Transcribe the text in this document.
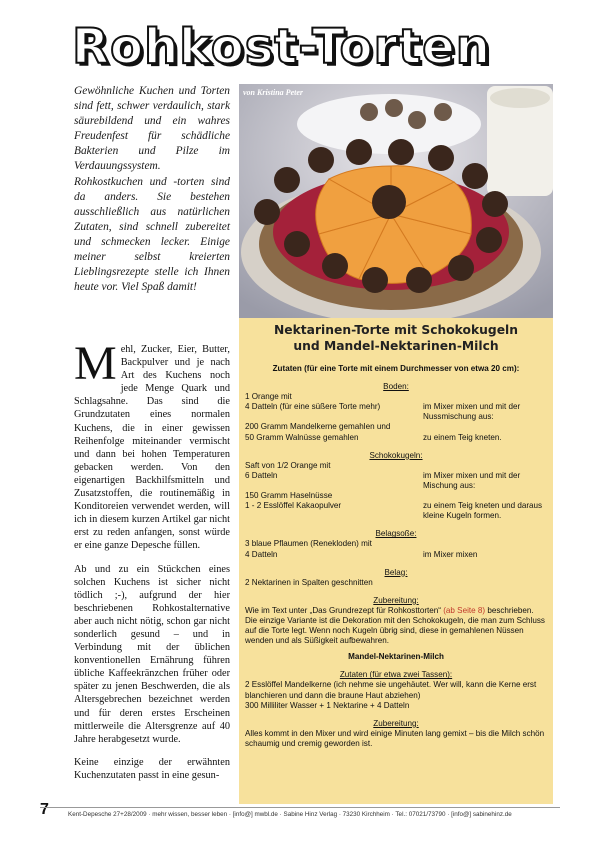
Rohkost-Torten
Gewöhnliche Kuchen und Torten sind fett, schwer verdaulich, stark säurebildend und ein wahres Freudenfest für schädliche Bakterien und Pilze im Verdauungssystem. Rohkostkuchen und -torten sind da anders. Sie bestehen ausschließlich aus natürlichen Zutaten, sind schnell zubereitet und schmecken lecker. Einige meiner selbst kreierten Lieblingsrezepte stelle ich Ihnen heute vor. Viel Spaß damit!

Mehl, Zucker, Eier, Butter, Backpulver und je nach Art des Kuchens noch jede Menge Quark und Schlagsahne. Das sind die Grundzutaten eines normalen Kuchens, die in einer gewissen Reihenfolge miteinander vermischt und dann bei hohen Temperaturen gebacken werden. Von den eigenartigen Backhilfsmitteln und Zusatzstoffen, die routinemäßig in Konditoreien verwendet werden, will ich in diesem kurzen Artikel gar nicht erst zu reden anfangen, sonst würde er eine ganze Depesche füllen.

Ab und zu ein Stückchen eines solchen Kuchens ist sicher nicht tödlich ;-), aufgrund der hier beschriebenen Rohkostalternative aber auch nicht nötig, schon gar nicht sonderlich gesund – und in Verbindung mit der üblichen konventionellen Ernährung führen übliche Kaffeekränzchen früher oder später zu jenen Beschwerden, die als Altersgebrechen bezeichnet werden und für deren erstes Erscheinen mittlerweile die Altersgrenze auf 40 Jahre herabgesetzt wurde.

Keine einzige der erwähnten Kuchenzutaten passt in eine gesun-

von Kristina Peter
Nektarinen-Torte mit Schokokugeln
und Mandel-Nektarinen-Milch
Zutaten (für eine Torte mit einem Durchmesser von etwa 20 cm):
Boden:
1 Orange mit
4 Datteln (für eine süßere Torte mehr)	im Mixer mixen und mit der Nussmischung aus:
200 Gramm Mandelkerne gemahlen und
50 Gramm Walnüsse gemahlen	zu einem Teig kneten.
Schokokugeln:
Saft von 1/2 Orange mit
6 Datteln	im Mixer mixen und mit der Mischung aus:
150 Gramm Haselnüsse
1 - 2 Esslöffel Kakaopulver	zu einem Teig kneten und daraus kleine Kugeln formen.
Belagsoße:
3 blaue Pflaumen (Renekloden) mit
4 Datteln	im Mixer mixen
Belag:
2 Nektarinen in Spalten geschnitten
Zubereitung:
Wie im Text unter „Das Grundrezept für Rohkosttorten“ (ab Seite 8) beschrieben. Die einzige Variante ist die Dekoration mit den Schokokugeln, die man zum Schluss auf die Torte legt. Wenn noch Kugeln übrig sind, diese in gemahlenen Nüssen wenden und als Süßigkeit aufbewahren.
Mandel-Nektarinen-Milch
Zutaten (für etwa zwei Tassen):
2 Esslöffel Mandelkerne (ich nehme sie ungehäutet. Wer will, kann die Kerne erst blanchieren und dann die braune Haut abziehen)
300 Milliliter Wasser + 1 Nektarine + 4 Datteln
Zubereitung:
Alles kommt in den Mixer und wird einige Minuten lang gemixt – bis die Milch schön schaumig und cremig geworden ist.
7	Kent-Depesche 27+28/2009 · mehr wissen, besser leben · [info@] mwbl.de · Sabine Hinz Verlag · 73230 Kirchheim · Tel.: 07021/73790 · [info@] sabinehinz.de
